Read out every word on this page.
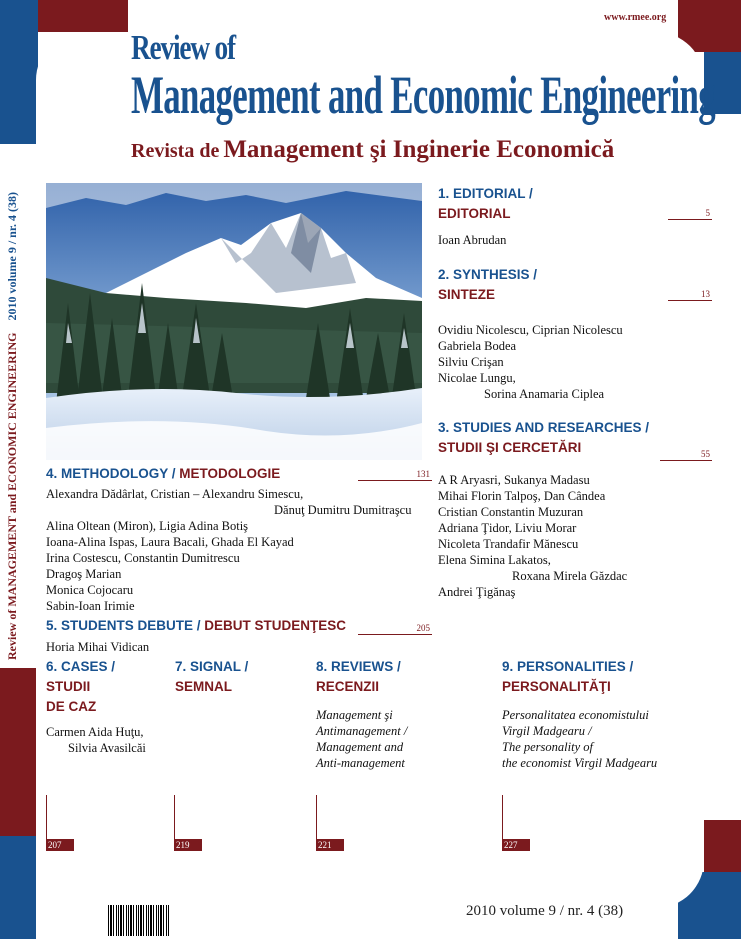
www.rmee.org
Review of
Management and Economic Engineering
Revista de Management şi Inginerie Economică
Review of MANAGEMENT and ECONOMIC ENGINEERING    2010 volume 9 / nr. 4 (38)	1. EDITORIAL /
EDITORIAL	5
Ioan Abrudan
2. SYNTHESIS /
SINTEZE	13
Ovidiu Nicolescu, Ciprian Nicolescu
Gabriela Bodea
Silviu Crişan
Nicolae Lungu,
Sorina Anamaria Ciplea
3. STUDIES AND RESEARCHES /
STUDII ŞI CERCETĂRI	55
A R Aryasri, Sukanya Madasu
Mihai Florin Talpoş, Dan Cândea
Cristian Constantin Muzuran
Adriana Ţidor, Liviu Morar
Nicoleta Trandafir Mănescu
Elena Simina Lakatos,
Roxana Mirela Găzdac
Andrei Ţigănaş
4. METHODOLOGY / METODOLOGIE	131
Alexandra Dădârlat, Cristian – Alexandru Simescu,
Dănuţ Dumitru Dumitraşcu
Alina Oltean (Miron), Ligia Adina Botiş
Ioana-Alina Ispas, Laura Bacali, Ghada El Kayad
Irina Costescu, Constantin Dumitrescu
Dragoş Marian
Monica Cojocaru
Sabin-Ioan Irimie
5. STUDENTS DEBUTE / DEBUT STUDENŢESC	205
Horia Mihai Vidican
6. CASES /
STUDII
DE CAZ
Carmen Aida Huţu,
Silvia Avasilcăi
207
7. SIGNAL /
SEMNAL
219
8. REVIEWS /
RECENZII
Management şi
Antimanagement /
Management and
Anti-management
221
9. PERSONALITIES /
PERSONALITĂŢI
Personalitatea economistului
Virgil Madgearu /
The personality of
the economist Virgil Madgearu
227
2010 volume 9 / nr. 4 (38)
